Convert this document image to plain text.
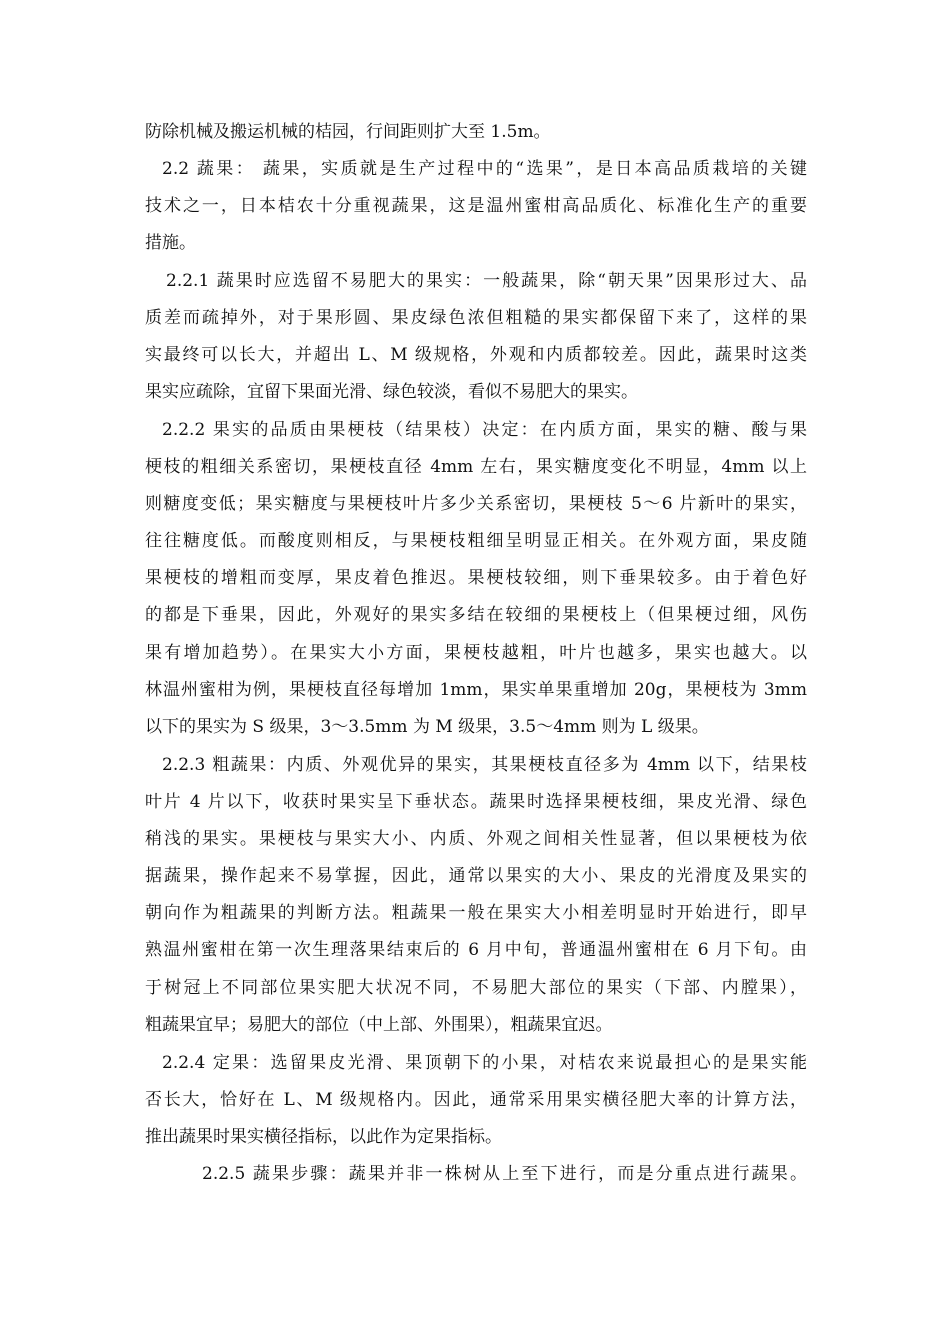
防除机械及搬运机械的桔园，行间距则扩大至 1.5m。
2.2 蔬果： 蔬果，实质就是生产过程中的“选果”，是日本高品质栽培的关键
技术之一，日本桔农十分重视蔬果，这是温州蜜柑高品质化、标准化生产的重要
措施。
2.2.1 蔬果时应选留不易肥大的果实：一般蔬果，除“朝天果”因果形过大、品
质差而疏掉外，对于果形圆、果皮绿色浓但粗糙的果实都保留下来了，这样的果
实最终可以长大，并超出 L、M 级规格，外观和内质都较差。因此，蔬果时这类
果实应疏除，宜留下果面光滑、绿色较淡，看似不易肥大的果实。
2.2.2 果实的品质由果梗枝（结果枝）决定：在内质方面，果实的糖、酸与果
梗枝的粗细关系密切，果梗枝直径 4mm 左右，果实糖度变化不明显，4mm 以上
则糖度变低；果实糖度与果梗枝叶片多少关系密切，果梗枝 5～6 片新叶的果实，
往往糖度低。而酸度则相反，与果梗枝粗细呈明显正相关。在外观方面，果皮随
果梗枝的增粗而变厚，果皮着色推迟。果梗枝较细，则下垂果较多。由于着色好
的都是下垂果，因此，外观好的果实多结在较细的果梗枝上（但果梗过细，风伤
果有增加趋势）。在果实大小方面，果梗枝越粗，叶片也越多，果实也越大。以
林温州蜜柑为例，果梗枝直径每增加 1mm，果实单果重增加 20g，果梗枝为 3mm
以下的果实为 S 级果，3～3.5mm 为 M 级果，3.5～4mm 则为 L 级果。
2.2.3 粗蔬果：内质、外观优异的果实，其果梗枝直径多为 4mm 以下，结果枝
叶片 4 片以下，收获时果实呈下垂状态。蔬果时选择果梗枝细，果皮光滑、绿色
稍浅的果实。果梗枝与果实大小、内质、外观之间相关性显著，但以果梗枝为依
据蔬果，操作起来不易掌握，因此，通常以果实的大小、果皮的光滑度及果实的
朝向作为粗蔬果的判断方法。粗蔬果一般在果实大小相差明显时开始进行，即早
熟温州蜜柑在第一次生理落果结束后的 6 月中旬，普通温州蜜柑在 6 月下旬。由
于树冠上不同部位果实肥大状况不同，不易肥大部位的果实（下部、内膛果），
粗蔬果宜早；易肥大的部位（中上部、外围果），粗蔬果宜迟。
2.2.4 定果：选留果皮光滑、果顶朝下的小果，对桔农来说最担心的是果实能
否长大，恰好在 L、M 级规格内。因此，通常采用果实横径肥大率的计算方法，
推出蔬果时果实横径指标，以此作为定果指标。
2.2.5 蔬果步骤：蔬果并非一株树从上至下进行，而是分重点进行蔬果。
